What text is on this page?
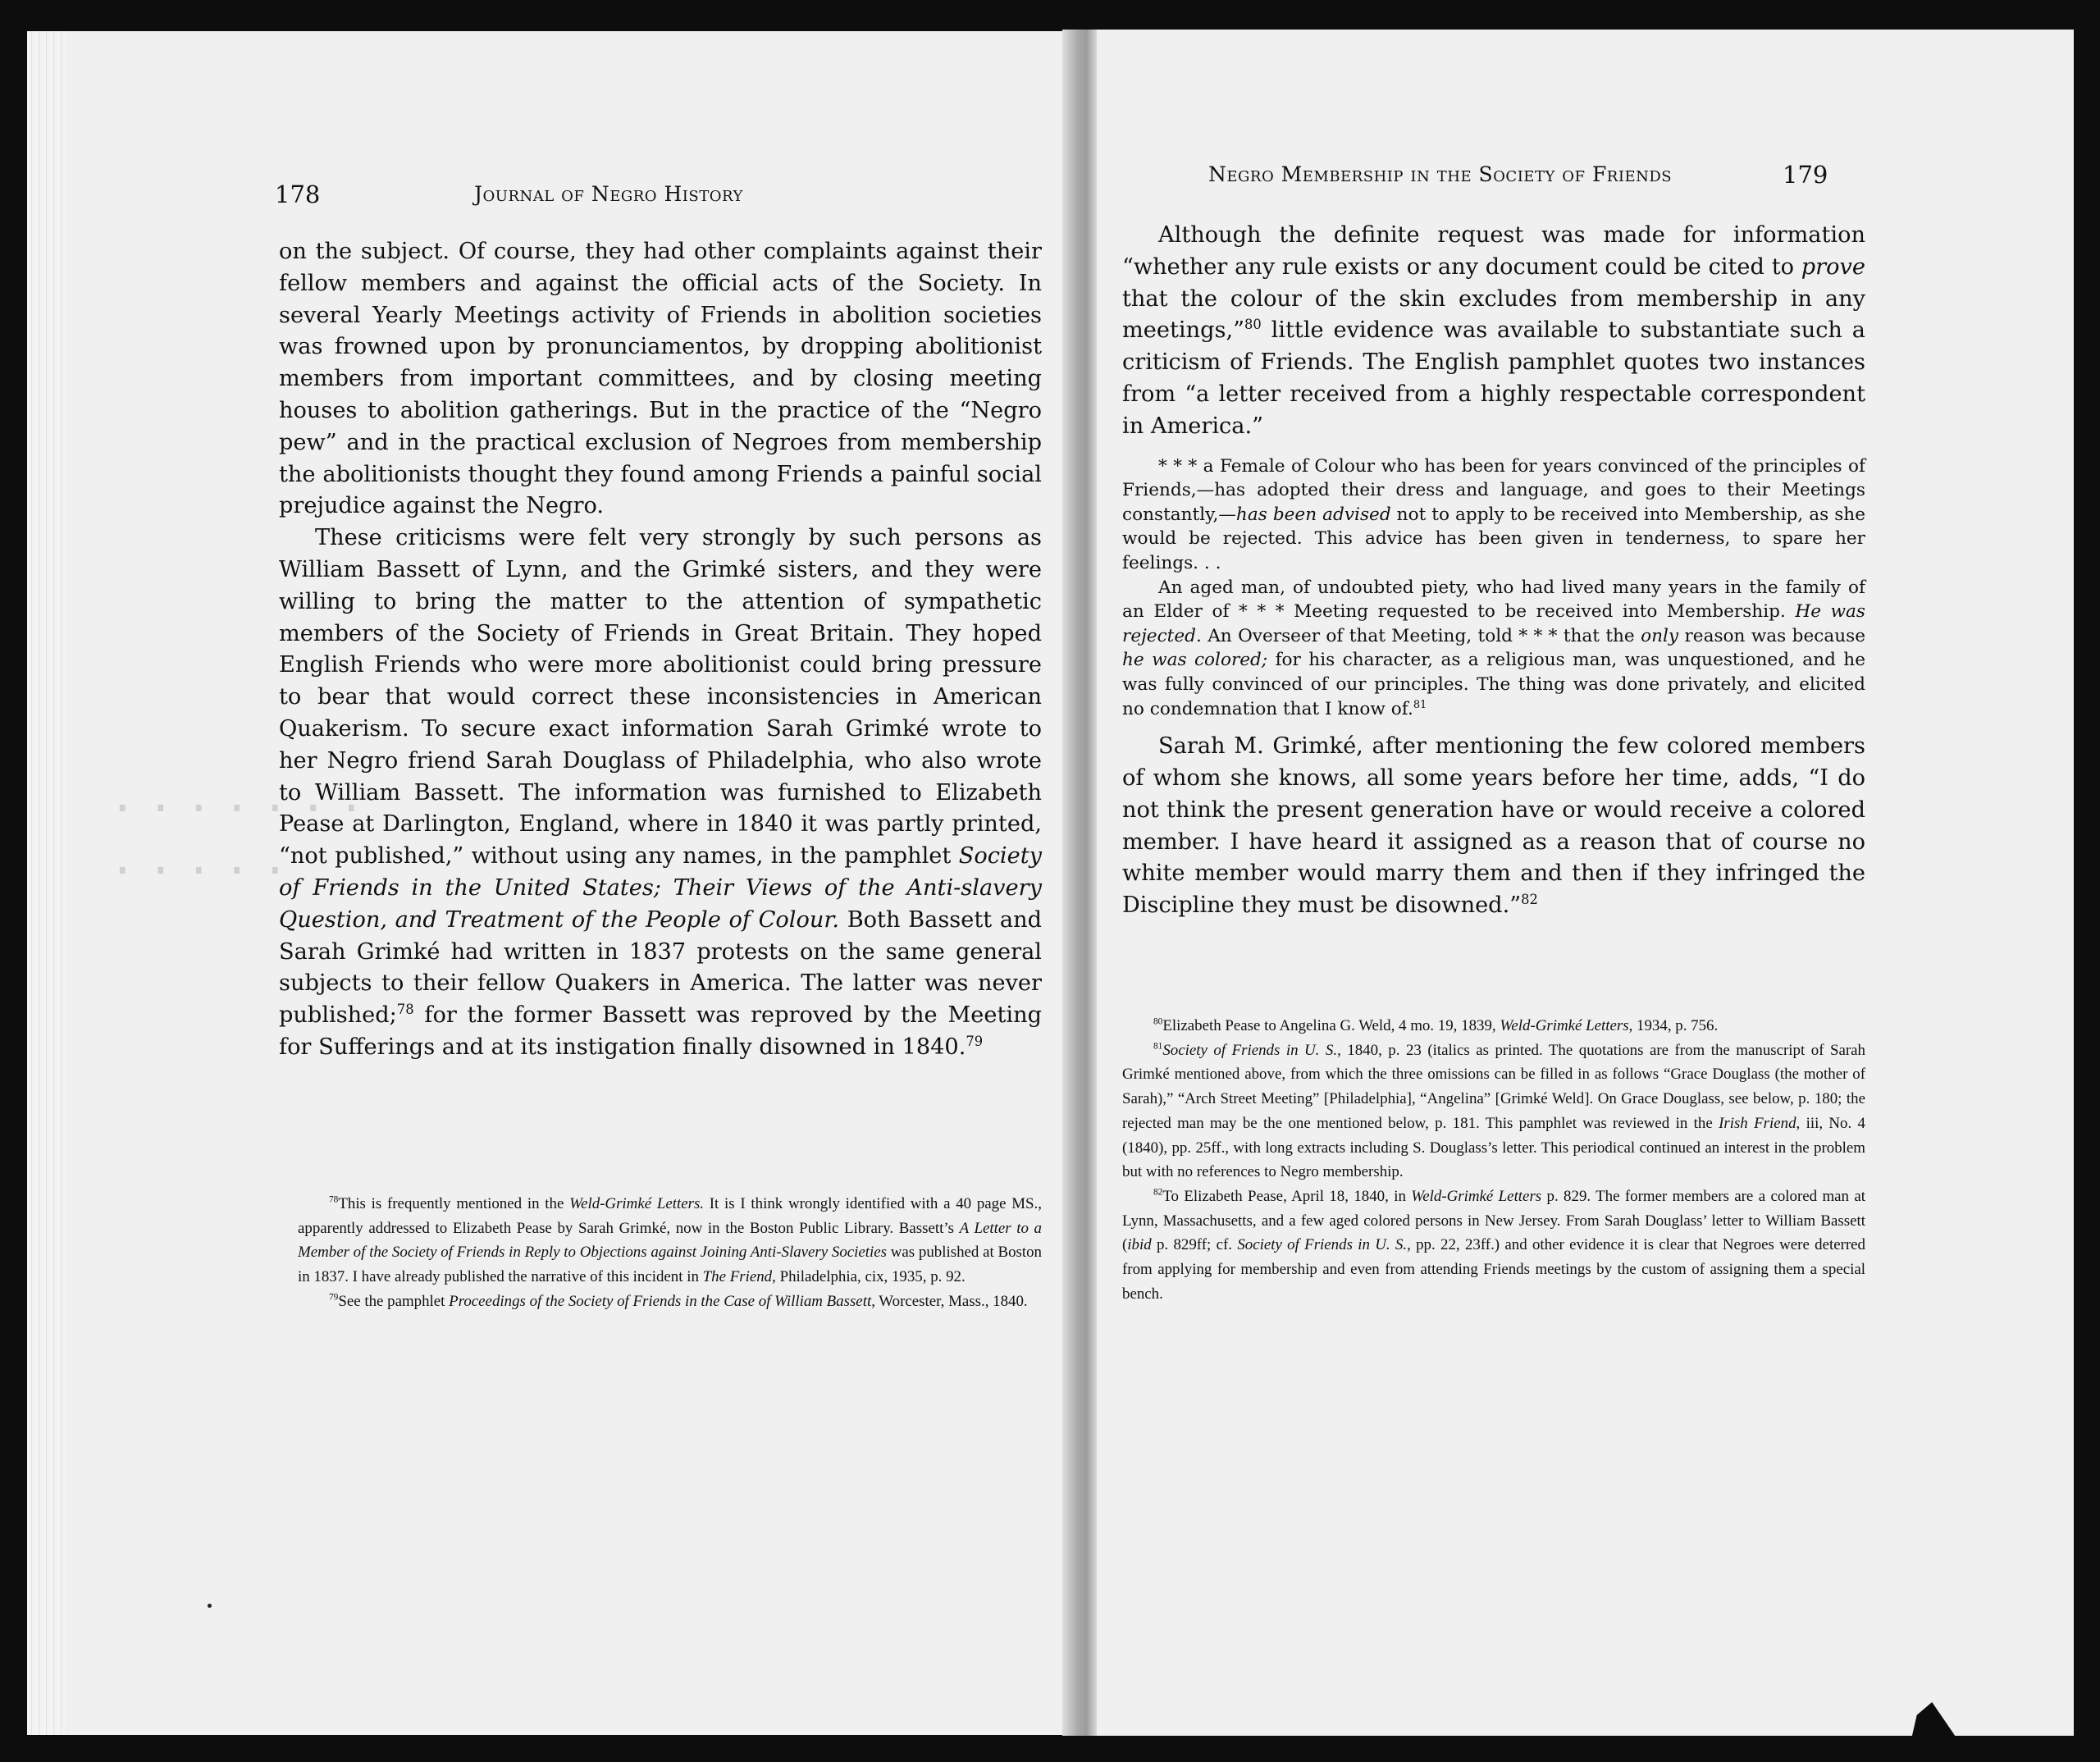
·······
·····
178	Journal of Negro History

on the subject. Of course, they had other complaints against their fellow members and against the official acts of the Society. In several Yearly Meetings activity of Friends in abolition societies was frowned upon by pronunciamentos, by dropping abolitionist members from important committees, and by closing meeting houses to abolition gatherings. But in the practice of the “Negro pew” and in the practical exclusion of Negroes from membership the abolitionists thought they found among Friends a painful social prejudice against the Negro.

These criticisms were felt very strongly by such persons as William Bassett of Lynn, and the Grimké sisters, and they were willing to bring the matter to the attention of sympathetic members of the Society of Friends in Great Britain. They hoped English Friends who were more abolitionist could bring pressure to bear that would correct these inconsistencies in American Quakerism. To secure exact information Sarah Grimké wrote to her Negro friend Sarah Douglass of Philadelphia, who also wrote to William Bassett. The information was furnished to Elizabeth Pease at Darlington, England, where in 1840 it was partly printed, “not published,” without using any names, in the pamphlet Society of Friends in the United States; Their Views of the Anti-slavery Question, and Treatment of the People of Colour. Both Bassett and Sarah Grimké had written in 1837 protests on the same general subjects to their fellow Quakers in America. The latter was never published;$^{78}$ for the former Bassett was reproved by the Meeting for Sufferings and at its instigation finally disowned in 1840.79

$^{78}$This is frequently mentioned in the Weld-Grimké Letters. It is I think wrongly identified with a 40 page MS., apparently addressed to Elizabeth Pease by Sarah Grimké, now in the Boston Public Library. Bassett’s A Letter to a Member of the Society of Friends in Reply to Objections against Joining Anti-Slavery Societies was published at Boston in 1837. I have already published the narrative of this incident in The Friend, Philadelphia, cix, 1935, p. 92.

$^{79}$See the pamphlet Proceedings of the Society of Friends in the Case of William Bassett, Worcester, Mass., 1840.

Negro Membership in the Society of Friends	179

Although the definite request was made for information “whether any rule exists or any document could be cited to prove that the colour of the skin excludes from membership in any meetings,”$^{80}$ little evidence was available to substantiate such a criticism of Friends. The English pamphlet quotes two instances from “a letter received from a highly respectable correspondent in America.”

* * * a Female of Colour who has been for years convinced of the principles of Friends,—has adopted their dress and language, and goes to their Meetings constantly,—has been advised not to apply to be received into Membership, as she would be rejected. This advice has been given in tenderness, to spare her feelings. . .

An aged man, of undoubted piety, who had lived many years in the family of an Elder of * * * Meeting requested to be received into Membership. He was rejected. An Overseer of that Meeting, told * * * that the only reason was because he was colored; for his character, as a religious man, was unquestioned, and he was fully convinced of our principles. The thing was done privately, and elicited no condemnation that I know of.$^{81}$

Sarah M. Grimké, after mentioning the few colored members of whom she knows, all some years before her time, adds, “I do not think the present generation have or would receive a colored member. I have heard it assigned as a reason that of course no white member would marry them and then if they infringed the Discipline they must be disowned.”$^{82}$

$^{80}$Elizabeth Pease to Angelina G. Weld, 4 mo. 19, 1839, Weld-Grimké Letters, 1934, p. 756.

$^{81}$Society of Friends in U. S., 1840, p. 23 (italics as printed. The quotations are from the manuscript of Sarah Grimké mentioned above, from which the three omissions can be filled in as follows “Grace Douglass (the mother of Sarah),” “Arch Street Meeting” [Philadelphia], “Angelina” [Grimké Weld]. On Grace Douglass, see below, p. 180; the rejected man may be the one mentioned below, p. 181. This pamphlet was reviewed in the Irish Friend, iii, No. 4 (1840), pp. 25ff., with long extracts including S. Douglass’s letter. This periodical continued an interest in the problem but with no references to Negro membership.

$^{82}$To Elizabeth Pease, April 18, 1840, in Weld-Grimké Letters p. 829. The former members are a colored man at Lynn, Massachusetts, and a few aged colored persons in New Jersey. From Sarah Douglass’ letter to William Bassett (ibid p. 829ff; cf. Society of Friends in U. S., pp. 22, 23ff.) and other evidence it is clear that Negroes were deterred from applying for membership and even from attending Friends meetings by the custom of assigning them a special bench.
